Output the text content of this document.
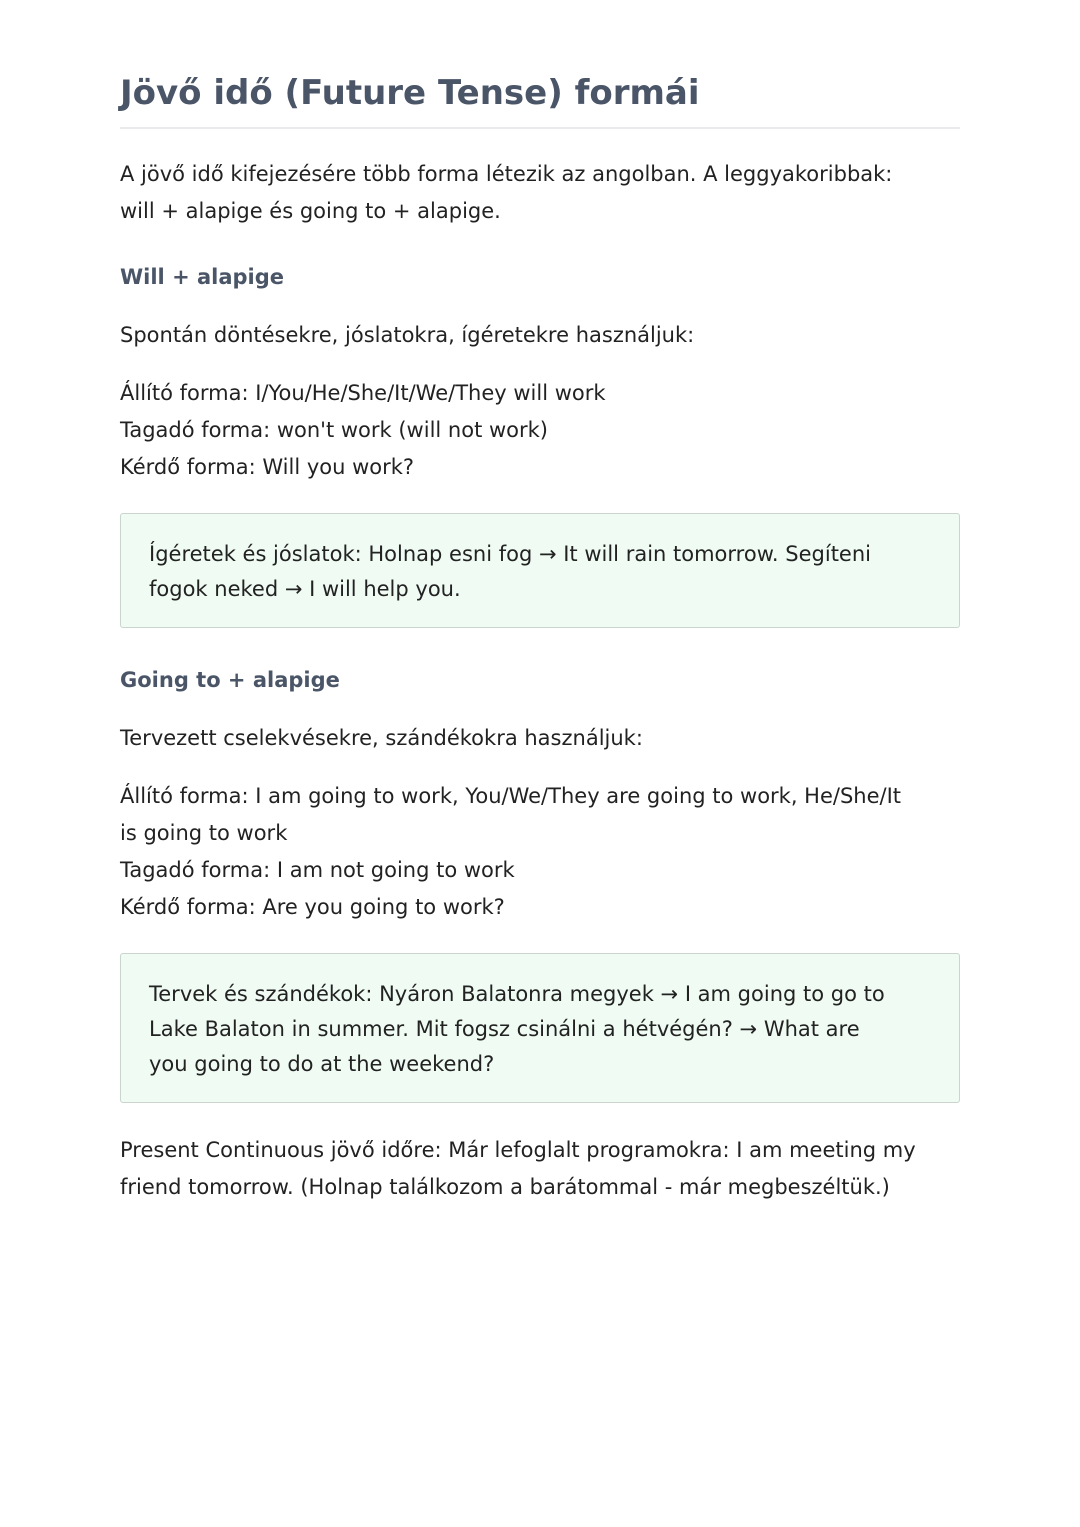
Jövő idő (Future Tense) formái

A jövő idő kifejezésére több forma létezik az angolban. A leggyakoribbak:
will + alapige és going to + alapige.

Will + alapige

Spontán döntésekre, jóslatokra, ígéretekre használjuk:

Állító forma: I/You/He/She/It/We/They will work
Tagadó forma: won't work (will not work)
Kérdő forma: Will you work?

Ígéretek és jóslatok: Holnap esni fog → It will rain tomorrow. Segíteni
fogok neked → I will help you.

Going to + alapige

Tervezett cselekvésekre, szándékokra használjuk:

Állító forma: I am going to work, You/We/They are going to work, He/She/It
is going to work
Tagadó forma: I am not going to work
Kérdő forma: Are you going to work?

Tervek és szándékok: Nyáron Balatonra megyek → I am going to go to
Lake Balaton in summer. Mit fogsz csinálni a hétvégén? → What are
you going to do at the weekend?

Present Continuous jövő időre: Már lefoglalt programokra: I am meeting my
friend tomorrow. (Holnap találkozom a barátommal - már megbeszéltük.)
